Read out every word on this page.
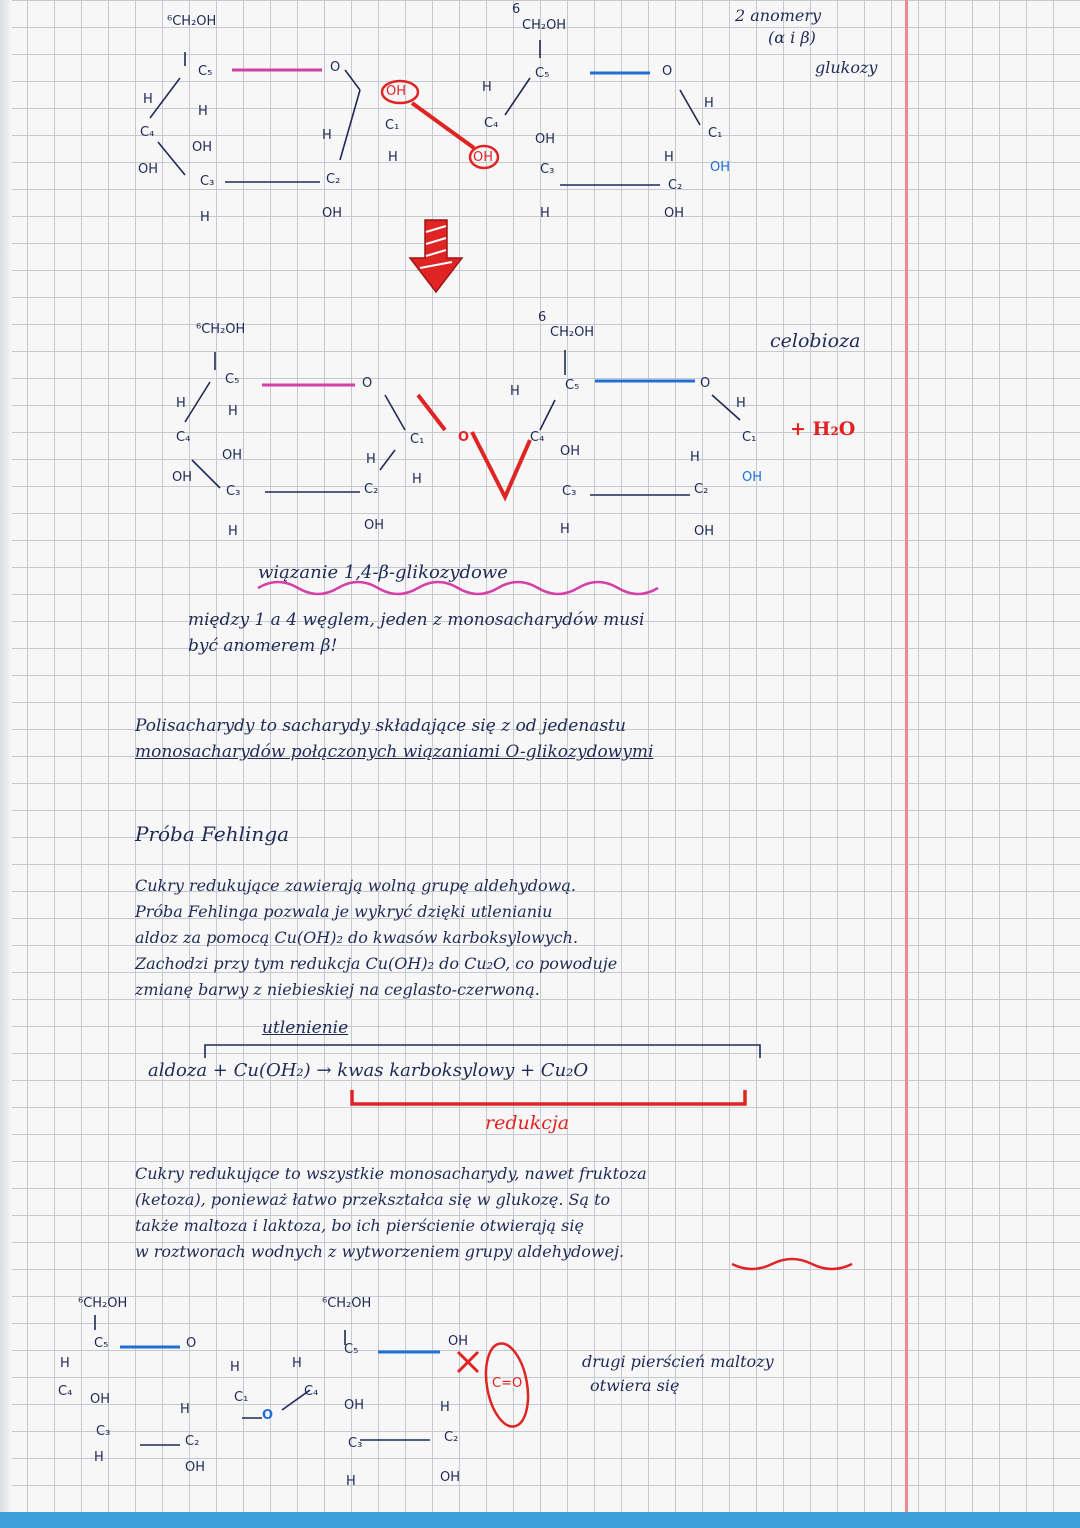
⁶CH₂OH
C₅
H
H
C₄
OH
OH
C₃
H
O
OH
C₁
H
H
C₂
OH
6
CH₂OH
C₅
H
C₄
OH
OH
C₃
H
O
H
C₁
OH
H
C₂
OH
2 anomery
(α i β)
glukozy
⁶CH₂OH
C₅
H
H
C₄
OH
OH
C₃
H
O
C₁
H
H
C₂
OH
O
6
CH₂OH
C₅
H
C₄
OH
C₃
H
O
H
C₁
OH
H
C₂
OH
celobioza
+ H₂O
wiązanie 1,4-β-glikozydowe
między 1 a 4 węglem, jeden z monosacharydów musi
być anomerem β!
Polisacharydy to sacharydy składające się z od jedenastu
monosacharydów połączonych wiązaniami O-glikozydowymi
Próba Fehlinga
Cukry redukujące zawierają wolną grupę aldehydową.
Próba Fehlinga pozwala je wykryć dzięki utlenianiu
aldoz za pomocą Cu(OH)₂ do kwasów karboksylowych.
Zachodzi przy tym redukcja Cu(OH)₂ do Cu₂O, co powoduje
zmianę barwy z niebieskiej na ceglasto-czerwoną.
utlenienie
aldoza + Cu(OH₂) → kwas karboksylowy + Cu₂O
redukcja
Cukry redukujące to wszystkie monosacharydy, nawet fruktoza
(ketoza), ponieważ łatwo przekształca się w glukozę. Są to
także maltoza i laktoza, bo ich pierścienie otwierają się
w roztworach wodnych z wytworzeniem grupy aldehydowej.
⁶CH₂OH
C₅
H
C₄
OH
C₃
H
O
H
C₁
H
C₂
OH
O
⁶CH₂OH
C₅
H
C₄
OH
C₃
H
OH
H
C₂
OH
C=O
drugi pierścień maltozy
otwiera się
